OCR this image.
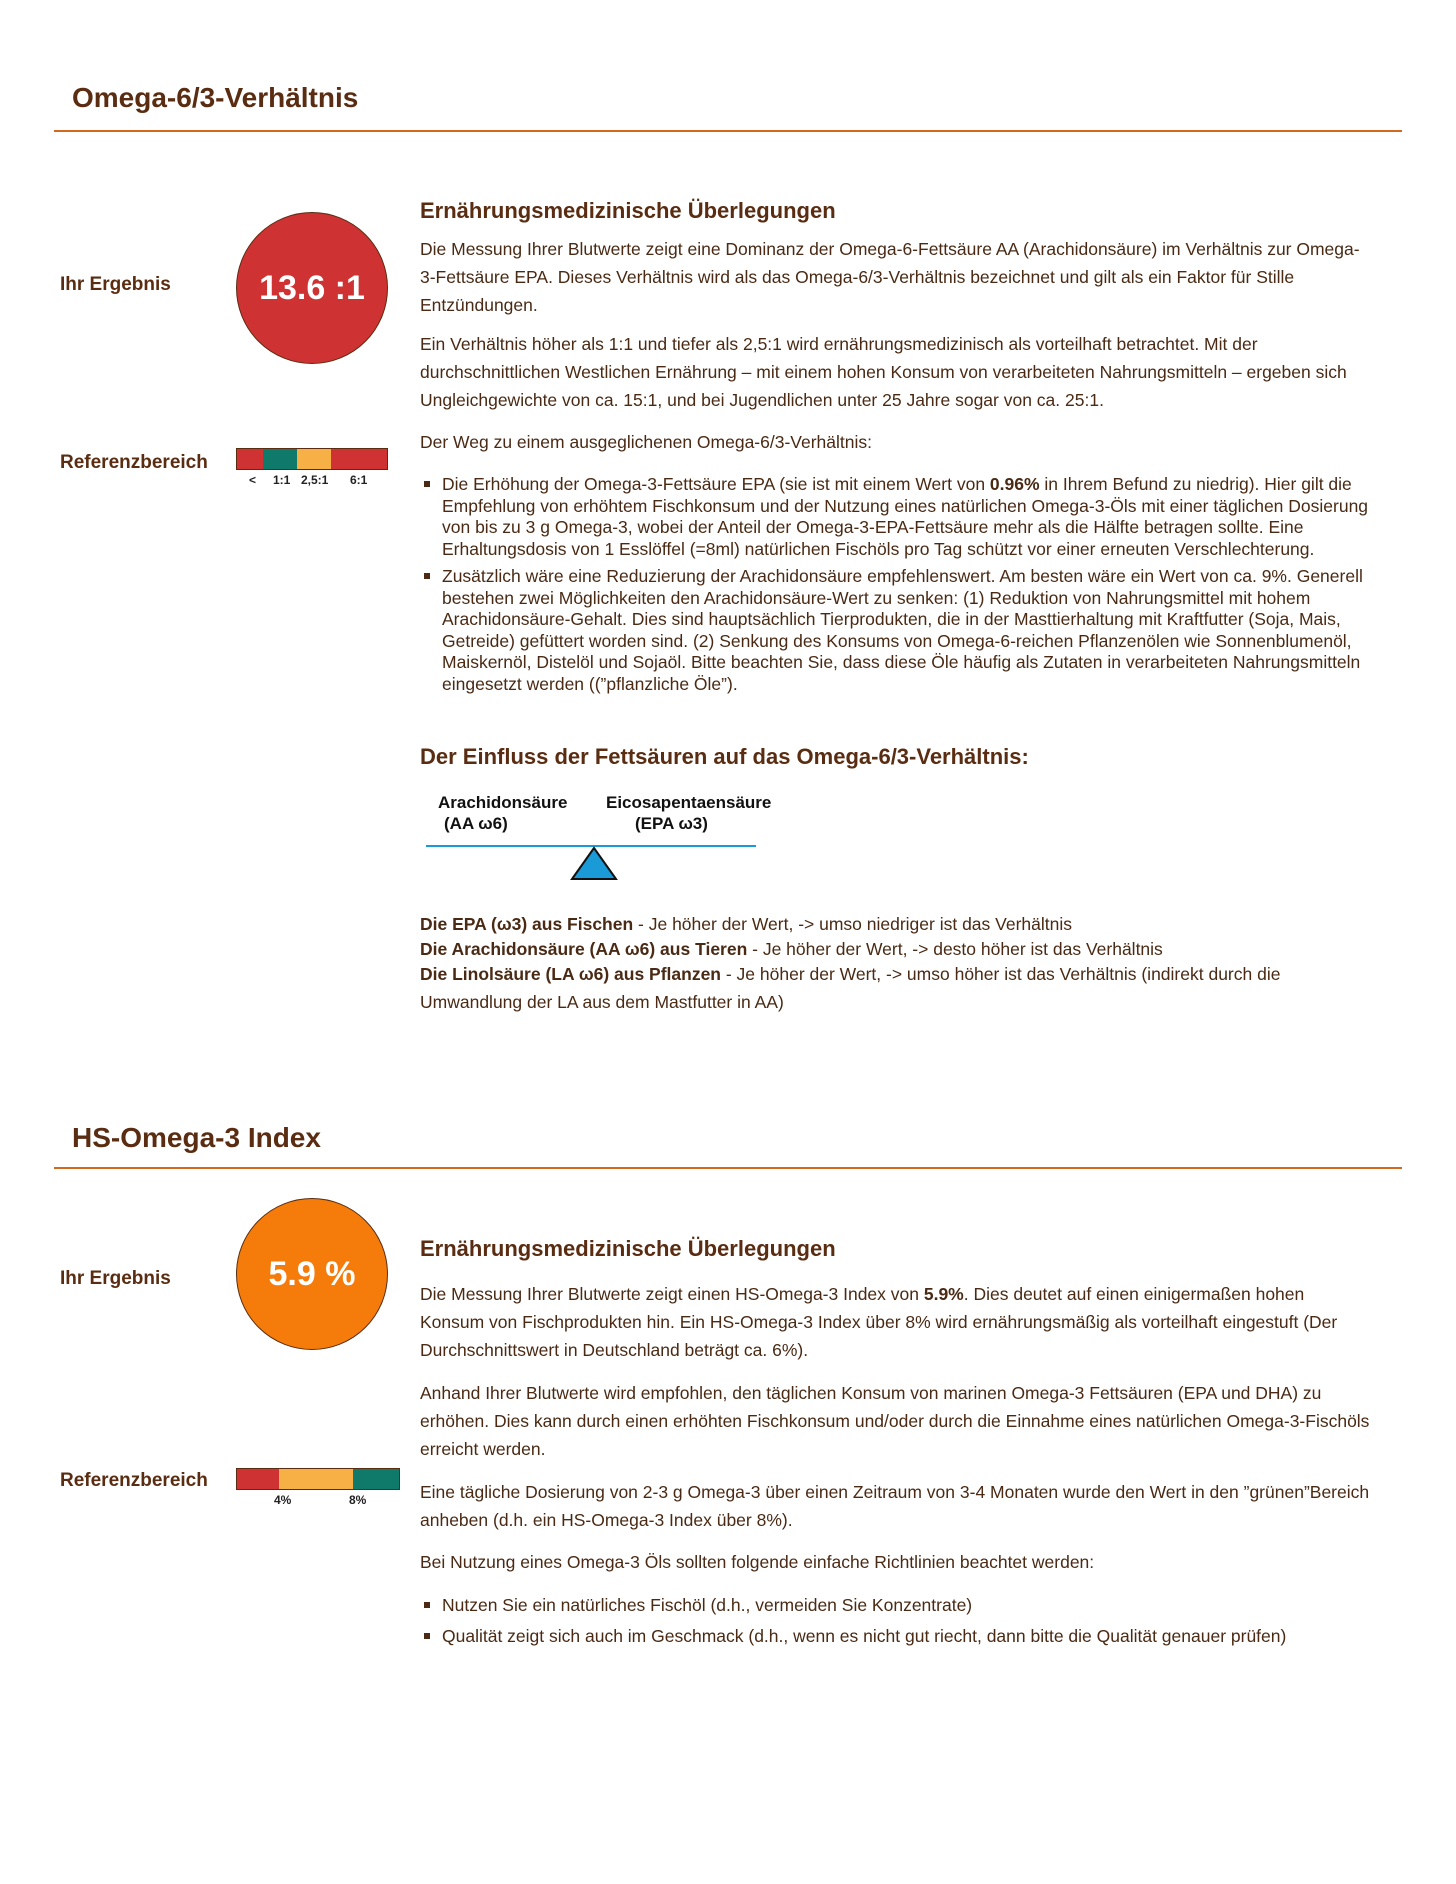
Omega-6/3-Verhältnis
Ihr Ergebnis	13.6 :1
Referenzbereich
< 1:1 2,5:1 6:1
Ernährungsmedizinische Überlegungen

Die Messung Ihrer Blutwerte zeigt eine Dominanz der Omega-6-Fettsäure AA (Arachidonsäure) im Verhältnis zur Omega-3-Fettsäure EPA. Dieses Verhältnis wird als das Omega-6/3-Verhältnis bezeichnet und gilt als ein Faktor für Stille Entzündungen.

Ein Verhältnis höher als 1:1 und tiefer als 2,5:1 wird ernährungsmedizinisch als vorteilhaft betrachtet. Mit der durchschnittlichen Westlichen Ernährung – mit einem hohen Konsum von verarbeiteten Nahrungsmitteln – ergeben sich Ungleichgewichte von ca. 15:1, und bei Jugendlichen unter 25 Jahre sogar von ca. 25:1.

Der Weg zu einem ausgeglichenen Omega-6/3-Verhältnis:

Die Erhöhung der Omega-3-Fettsäure EPA (sie ist mit einem Wert von 0.96% in Ihrem Befund zu niedrig). Hier gilt die Empfehlung von erhöhtem Fischkonsum und der Nutzung eines natürlichen Omega-3-Öls mit einer täglichen Dosierung von bis zu 3 g Omega-3, wobei der Anteil der Omega-3-EPA-Fettsäure mehr als die Hälfte betragen sollte. Eine Erhaltungsdosis von 1 Esslöffel (=8ml) natürlichen Fischöls pro Tag schützt vor einer erneuten Verschlechterung.
Zusätzlich wäre eine Reduzierung der Arachidonsäure empfehlenswert. Am besten wäre ein Wert von ca. 9%. Generell bestehen zwei Möglichkeiten den Arachidonsäure-Wert zu senken: (1) Reduktion von Nahrungsmittel mit hohem Arachidonsäure-Gehalt. Dies sind hauptsächlich Tierprodukten, die in der Masttierhaltung mit Kraftfutter (Soja, Mais, Getreide) gefüttert worden sind. (2) Senkung des Konsums von Omega-6-reichen Pflanzenölen wie Sonnenblumenöl, Maiskernöl, Distelöl und Sojaöl. Bitte beachten Sie, dass diese Öle häufig als Zutaten in verarbeiteten Nahrungsmitteln eingesetzt werden ((”pflanzliche Öle”).
Der Einfluss der Fettsäuren auf das Omega-6/3-Verhältnis:
Arachidonsäure
(AA ω6)
Eicosapentaensäure
(EPA ω3)
Die EPA (ω3) aus Fischen - Je höher der Wert, -> umso niedriger ist das Verhältnis
Die Arachidonsäure (AA ω6) aus Tieren - Je höher der Wert, -> desto höher ist das Verhältnis
Die Linolsäure (LA ω6) aus Pflanzen - Je höher der Wert, -> umso höher ist das Verhältnis (indirekt durch die Umwandlung der LA aus dem Mastfutter in AA)
HS-Omega-3 Index
Ihr Ergebnis	5.9 %
Referenzbereich
4%	8%
Ernährungsmedizinische Überlegungen

Die Messung Ihrer Blutwerte zeigt einen HS-Omega-3 Index von 5.9%. Dies deutet auf einen einigermaßen hohen Konsum von Fischprodukten hin. Ein HS-Omega-3 Index über 8% wird ernährungsmäßig als vorteilhaft eingestuft (Der Durchschnittswert in Deutschland beträgt ca. 6%).

Anhand Ihrer Blutwerte wird empfohlen, den täglichen Konsum von marinen Omega-3 Fettsäuren (EPA und DHA) zu erhöhen. Dies kann durch einen erhöhten Fischkonsum und/oder durch die Einnahme eines natürlichen Omega-3-Fischöls erreicht werden.

Eine tägliche Dosierung von 2-3 g Omega-3 über einen Zeitraum von 3-4 Monaten wurde den Wert in den ”grünen”Bereich anheben (d.h. ein HS-Omega-3 Index über 8%).

Bei Nutzung eines Omega-3 Öls sollten folgende einfache Richtlinien beachtet werden:

Nutzen Sie ein natürliches Fischöl (d.h., vermeiden Sie Konzentrate)
Qualität zeigt sich auch im Geschmack (d.h., wenn es nicht gut riecht, dann bitte die Qualität genauer prüfen)
